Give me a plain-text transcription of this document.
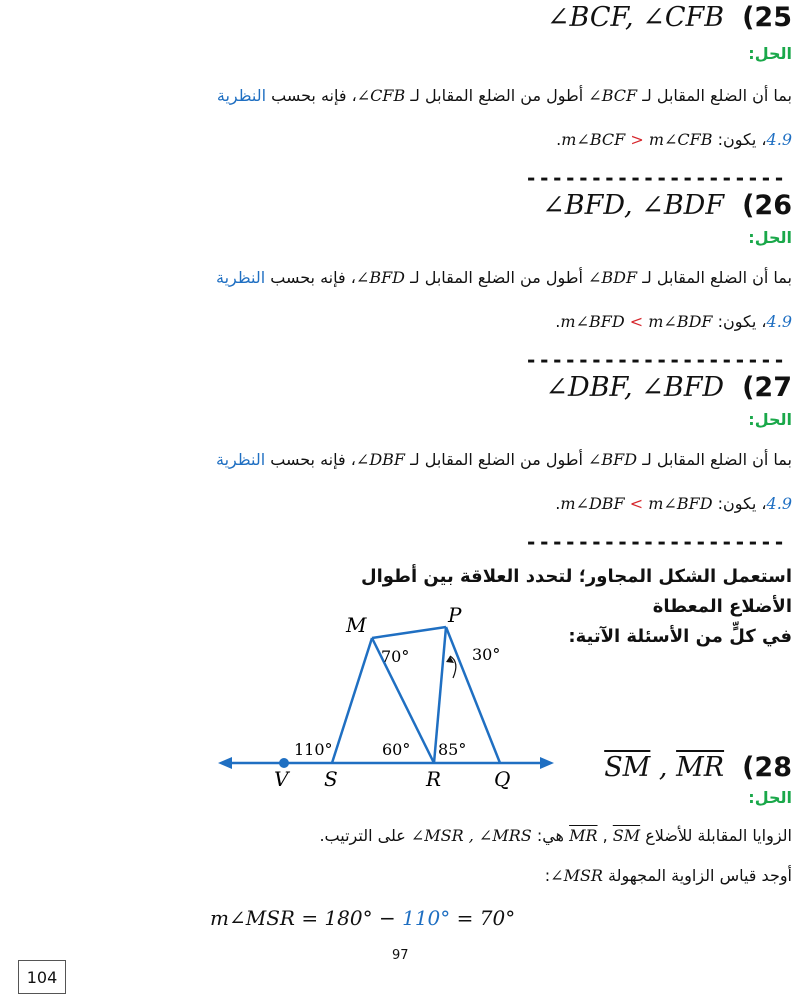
∠BCF, ∠CFB (25
الحل:
بما أن الضلع المقابل لـ ∠BCF أطول من الضلع المقابل لـ ∠CFB، فإنه بحسب النظرية
4.9، يكون: m∠BCF > m∠CFB.
--------------------
∠BFD, ∠BDF (26
الحل:
بما أن الضلع المقابل لـ ∠BDF أطول من الضلع المقابل لـ ∠BFD، فإنه بحسب النظرية
4.9، يكون: m∠BFD < m∠BDF.
--------------------
∠DBF, ∠BFD (27
الحل:
بما أن الضلع المقابل لـ ∠BFD أطول من الضلع المقابل لـ ∠DBF، فإنه بحسب النظرية
4.9، يكون: m∠DBF < m∠BFD.
--------------------
استعمل الشكل المجاور؛ لتحدد العلاقة بين أطوال الأضلاع المعطاة
في كلٍّ من الأسئلة الآتية:
M	P
V S	R	Q
70°	30°
110°	60° 85°
$\overline{SM}$ , $\overline{MR}$ (28
الحل:
الزوايا المقابلة للأضلاع $\overline{MR}$ , $\overline{SM}$ هي: ∠MSR , ∠MRS على الترتيب.
أوجد قياس الزاوية المجهولة ∠MSR:
m∠MSR = 180° − 110° = 70°
97
104
